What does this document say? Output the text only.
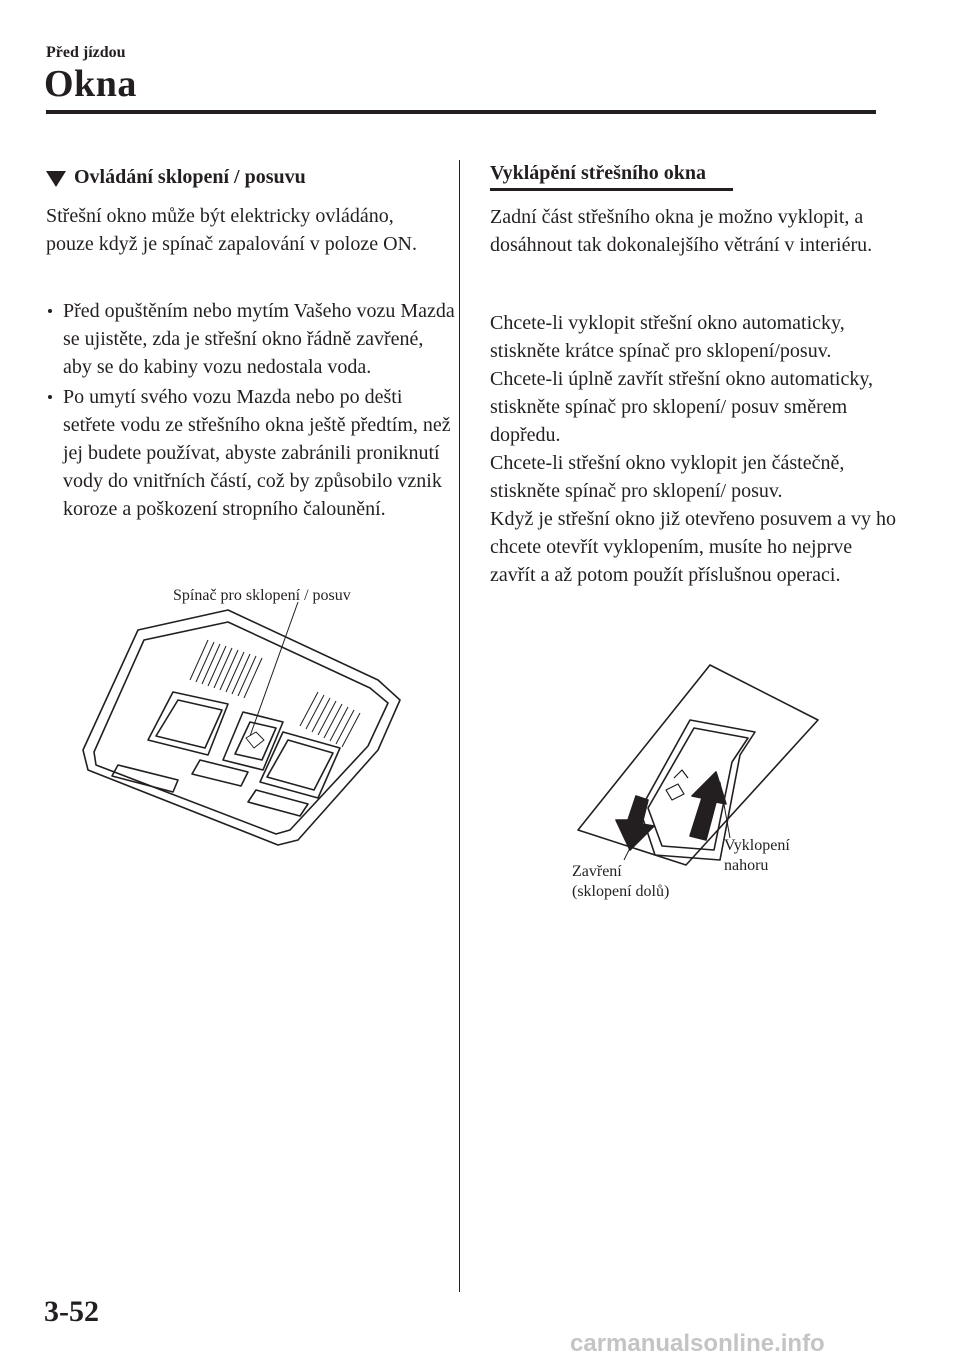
Před jízdou
Okna
Ovládání sklopení / posuvu
Střešní okno může být elektricky ovládáno, pouze když je spínač zapalování v poloze ON.
Před opuštěním nebo mytím Vašeho vozu Mazda se ujistěte, zda je střešní okno řádně zavřené, aby se do kabiny vozu nedostala voda.
Po umytí svého vozu Mazda nebo po dešti setřete vodu ze střešního okna ještě předtím, než jej budete používat, abyste zabránili proniknutí vody do vnitřních částí, což by způsobilo vznik koroze a poškození stropního čalounění.
Spínač pro sklopení / posuv
Vyklápění střešního okna
Zadní část střešního okna je možno vyklopit, a dosáhnout tak dokonalejšího větrání v interiéru.
Chcete-li vyklopit střešní okno automaticky, stiskněte krátce spínač pro sklopení/posuv.
Chcete-li úplně zavřít střešní okno automaticky, stiskněte spínač pro sklopení/ posuv směrem dopředu.
Chcete-li střešní okno vyklopit jen částečně, stiskněte spínač pro sklopení/ posuv.
Když je střešní okno již otevřeno posuvem a vy ho chcete otevřít vyklopením, musíte ho nejprve zavřít a až potom použít příslušnou operaci.
Vyklopení
nahoru
Zavření
(sklopení dolů)
3-52
carmanualsonline.info
